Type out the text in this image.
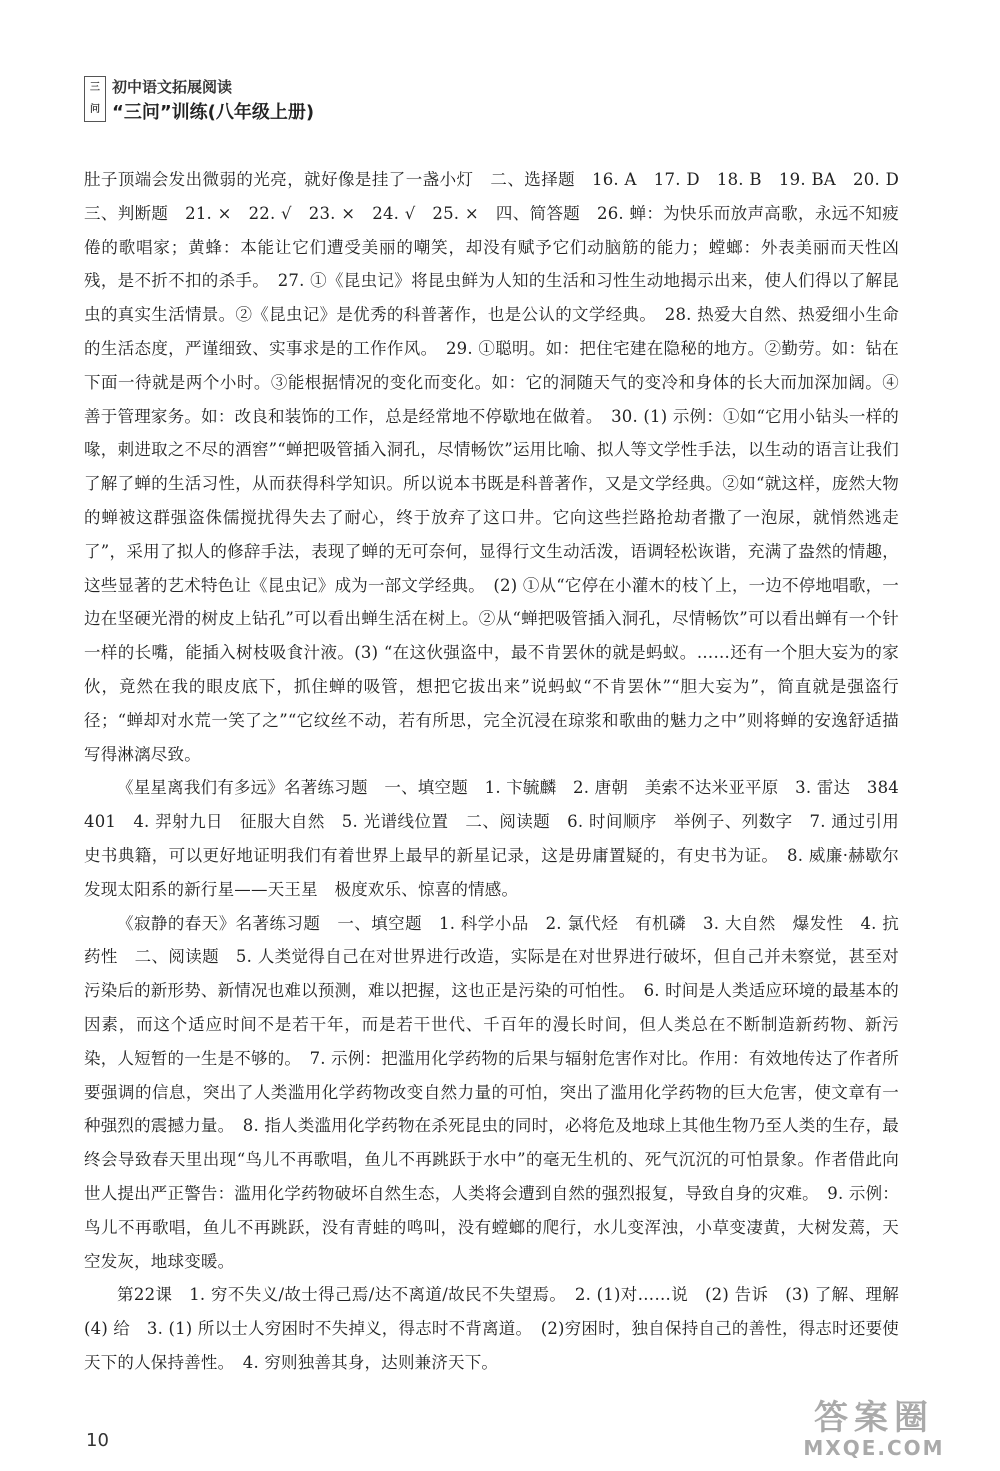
三
问
初中语文拓展阅读
“三问”训练(八年级上册)

肚子顶端会发出微弱的光亮，就好像是挂了一盏小灯　二、选择题　16. A　17. D　18. B　19. BA　20. D　三、判断题　21. ×　22. √　23. ×　24. √　25. ×　四、简答题　26. 蝉：为快乐而放声高歌，永远不知疲倦的歌唱家；黄蜂：本能让它们遭受美丽的嘲笑，却没有赋予它们动脑筋的能力；螳螂：外表美丽而天性凶残，是不折不扣的杀手。　27. ①《昆虫记》将昆虫鲜为人知的生活和习性生动地揭示出来，使人们得以了解昆虫的真实生活情景。②《昆虫记》是优秀的科普著作，也是公认的文学经典。　28. 热爱大自然、热爱细小生命的生活态度，严谨细致、实事求是的工作作风。　29. ①聪明。如：把住宅建在隐秘的地方。②勤劳。如：钻在下面一待就是两个小时。③能根据情况的变化而变化。如：它的洞随天气的变冷和身体的长大而加深加阔。④善于管理家务。如：改良和装饰的工作，总是经常地不停歇地在做着。　30. (1) 示例：①如“它用小钻头一样的喙，刺进取之不尽的酒窖”“蝉把吸管插入洞孔，尽情畅饮”运用比喻、拟人等文学性手法，以生动的语言让我们了解了蝉的生活习性，从而获得科学知识。所以说本书既是科普著作，又是文学经典。②如“就这样，庞然大物的蝉被这群强盗侏儒搅扰得失去了耐心，终于放弃了这口井。它向这些拦路抢劫者撒了一泡尿，就悄然逃走了”，采用了拟人的修辞手法，表现了蝉的无可奈何，显得行文生动活泼，语调轻松诙谐，充满了盎然的情趣，这些显著的艺术特色让《昆虫记》成为一部文学经典。　(2) ①从“它停在小灌木的枝丫上，一边不停地唱歌，一边在坚硬光滑的树皮上钻孔”可以看出蝉生活在树上。②从“蝉把吸管插入洞孔，尽情畅饮”可以看出蝉有一个针一样的长嘴，能插入树枝吸食汁液。(3) “在这伙强盗中，最不肯罢休的就是蚂蚁。……还有一个胆大妄为的家伙，竟然在我的眼皮底下，抓住蝉的吸管，想把它拔出来”说蚂蚁“不肯罢休”“胆大妄为”，简直就是强盗行径；“蝉却对水荒一笑了之”“它纹丝不动，若有所思，完全沉浸在琼浆和歌曲的魅力之中”则将蝉的安逸舒适描写得淋漓尽致。

《星星离我们有多远》名著练习题　一、填空题　1. 卞毓麟　2. 唐朝　美索不达米亚平原　3. 雷达　384401　4. 羿射九日　征服大自然　5. 光谱线位置　二、阅读题　6. 时间顺序　举例子、列数字　7. 通过引用史书典籍，可以更好地证明我们有着世界上最早的新星记录，这是毋庸置疑的，有史书为证。　8. 威廉·赫歇尔发现太阳系的新行星——天王星　极度欢乐、惊喜的情感。

《寂静的春天》名著练习题　一、填空题　1. 科学小品　2. 氯代烃　有机磷　3. 大自然　爆发性　4. 抗药性　二、阅读题　5. 人类觉得自己在对世界进行改造，实际是在对世界进行破坏，但自己并未察觉，甚至对污染后的新形势、新情况也难以预测，难以把握，这也正是污染的可怕性。　6. 时间是人类适应环境的最基本的因素，而这个适应时间不是若干年，而是若干世代、千百年的漫长时间，但人类总在不断制造新药物、新污染，人短暂的一生是不够的。　7. 示例：把滥用化学药物的后果与辐射危害作对比。作用：有效地传达了作者所要强调的信息，突出了人类滥用化学药物改变自然力量的可怕，突出了滥用化学药物的巨大危害，使文章有一种强烈的震撼力量。　8. 指人类滥用化学药物在杀死昆虫的同时，必将危及地球上其他生物乃至人类的生存，最终会导致春天里出现“鸟儿不再歌唱，鱼儿不再跳跃于水中”的毫无生机的、死气沉沉的可怕景象。作者借此向世人提出严正警告：滥用化学药物破坏自然生态，人类将会遭到自然的强烈报复，导致自身的灾难。　9. 示例：鸟儿不再歌唱，鱼儿不再跳跃，没有青蛙的鸣叫，没有螳螂的爬行，水儿变浑浊，小草变凄黄，大树发蔫，天空发灰，地球变暖。

第22课　1. 穷不失义/故士得己焉/达不离道/故民不失望焉。　2. (1)对……说　(2) 告诉　(3) 了解、理解　(4) 给　3. (1) 所以士人穷困时不失掉义，得志时不背离道。　(2)穷困时，独自保持自己的善性，得志时还要使天下的人保持善性。　4. 穷则独善其身，达则兼济天下。

10
答案圈
MXQE.COM
